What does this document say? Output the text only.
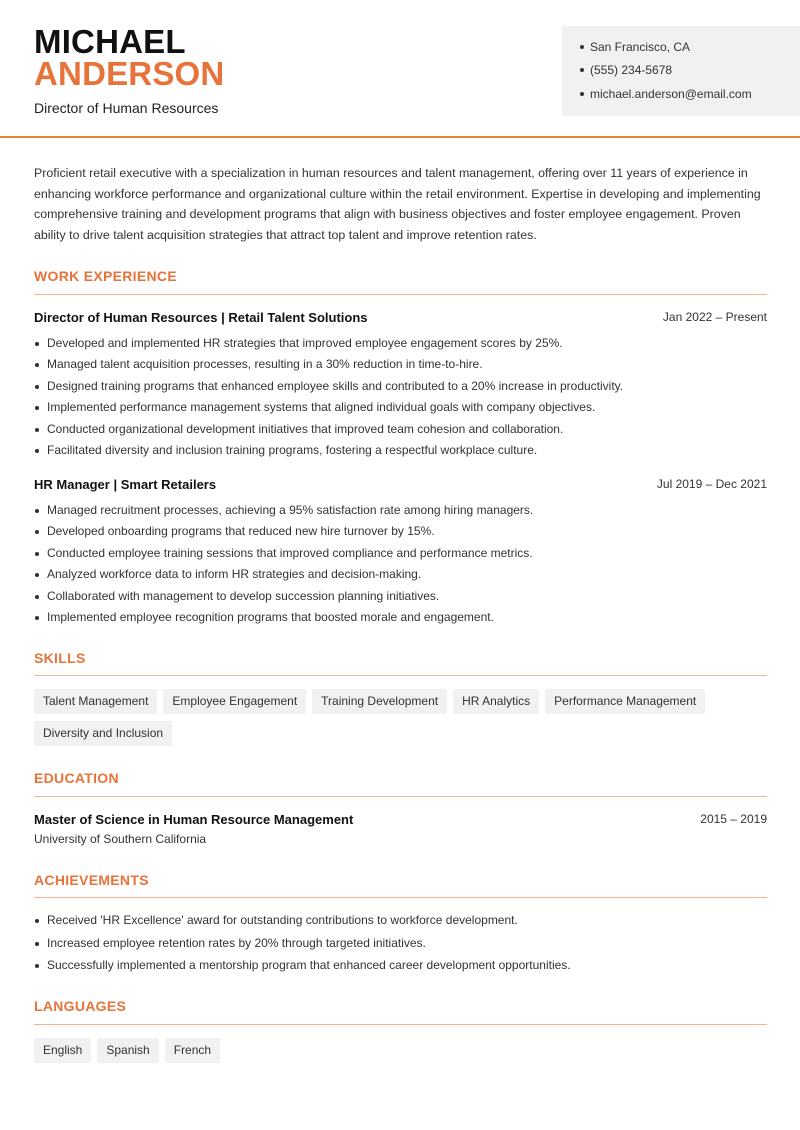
MICHAEL
ANDERSON
Director of Human Resources
San Francisco, CA
(555) 234-5678
michael.anderson@email.com
Proficient retail executive with a specialization in human resources and talent management, offering over 11 years of experience in enhancing workforce performance and organizational culture within the retail environment. Expertise in developing and implementing comprehensive training and development programs that align with business objectives and foster employee engagement. Proven ability to drive talent acquisition strategies that attract top talent and improve retention rates.
WORK EXPERIENCE
Director of Human Resources | Retail Talent Solutions	Jan 2022 – Present
Developed and implemented HR strategies that improved employee engagement scores by 25%.
Managed talent acquisition processes, resulting in a 30% reduction in time-to-hire.
Designed training programs that enhanced employee skills and contributed to a 20% increase in productivity.
Implemented performance management systems that aligned individual goals with company objectives.
Conducted organizational development initiatives that improved team cohesion and collaboration.
Facilitated diversity and inclusion training programs, fostering a respectful workplace culture.
HR Manager | Smart Retailers	Jul 2019 – Dec 2021
Managed recruitment processes, achieving a 95% satisfaction rate among hiring managers.
Developed onboarding programs that reduced new hire turnover by 15%.
Conducted employee training sessions that improved compliance and performance metrics.
Analyzed workforce data to inform HR strategies and decision-making.
Collaborated with management to develop succession planning initiatives.
Implemented employee recognition programs that boosted morale and engagement.
SKILLS
Talent Management Employee Engagement Training Development HR Analytics Performance Management
Diversity and Inclusion
EDUCATION
Master of Science in Human Resource Management	2015 – 2019
University of Southern California
ACHIEVEMENTS
Received 'HR Excellence' award for outstanding contributions to workforce development.
Increased employee retention rates by 20% through targeted initiatives.
Successfully implemented a mentorship program that enhanced career development opportunities.
LANGUAGES
English Spanish French
